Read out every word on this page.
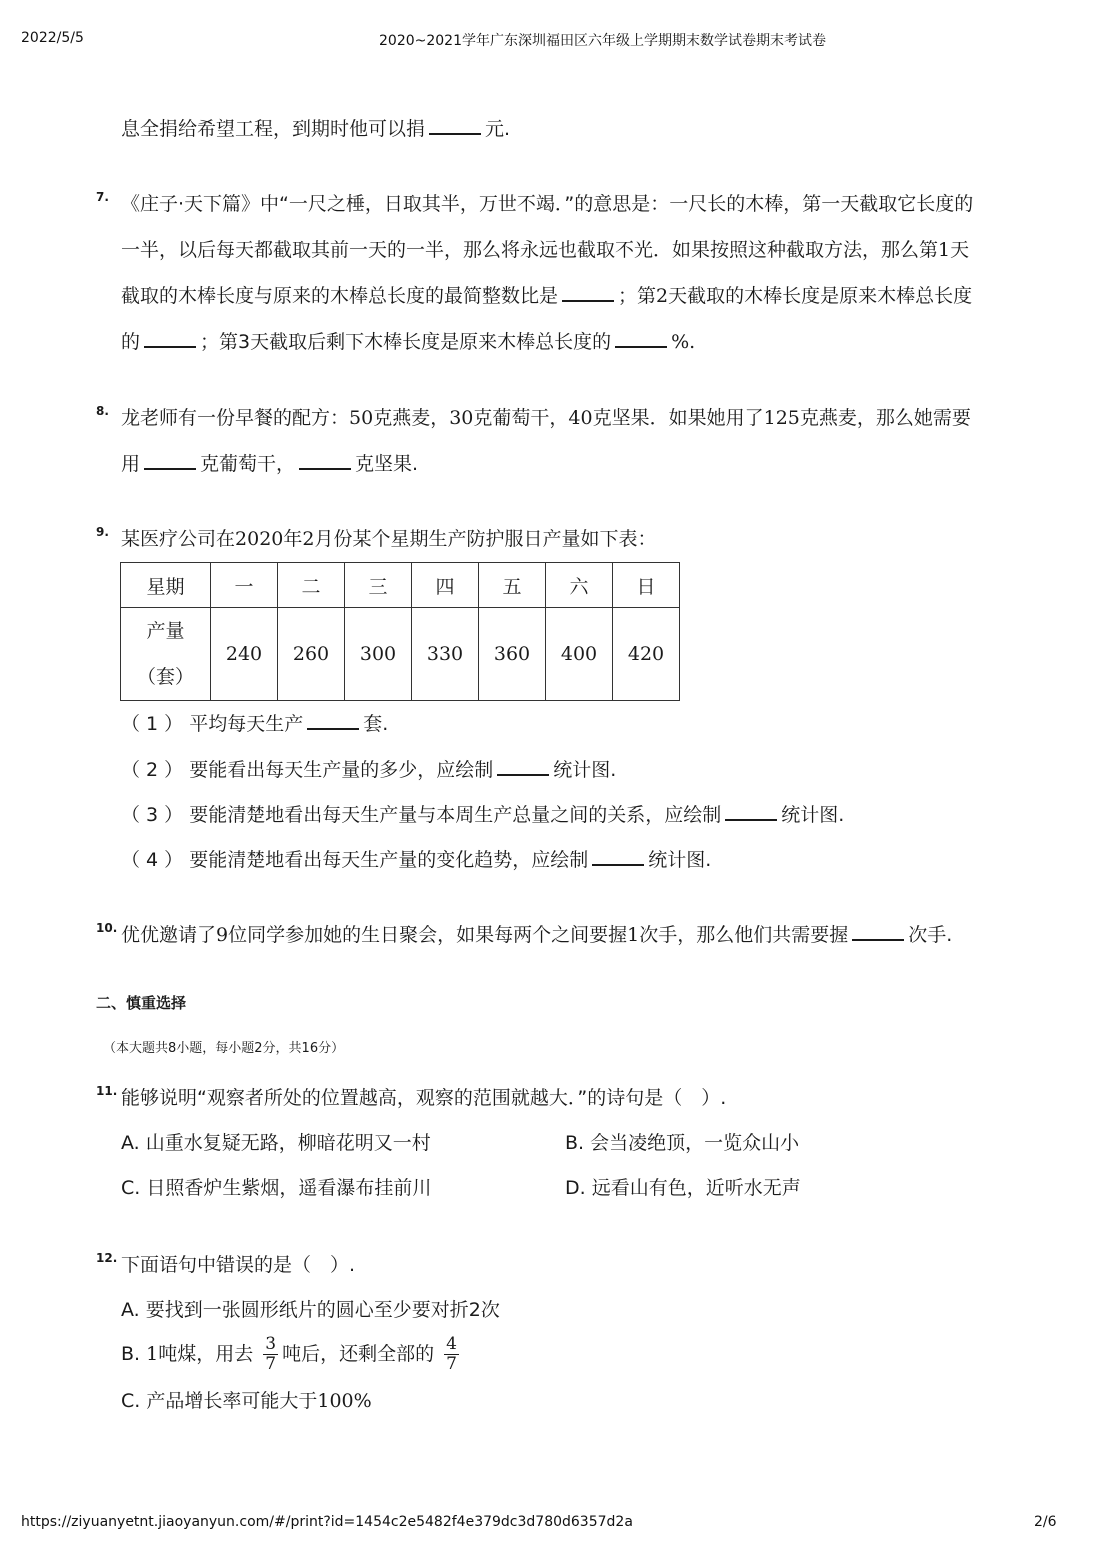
2022/5/5	2020~2021学年广东深圳福田区六年级上学期期末数学试卷期末考试卷
息全捐给希望工程，到期时他可以捐	元.
7. 《庄子·天下篇》中“一尺之棰，日取其半，万世不竭．”的意思是：一尺长的木棒，第一天截取它长度的
一半，以后每天都截取其前一天的一半，那么将永远也截取不光．如果按照这种截取方法，那么第1天
截取的木棒长度与原来的木棒总长度的最简整数比是	；第2天截取的木棒长度是原来木棒总长度
的	；第3天截取后剩下木棒长度是原来木棒总长度的	%.
8. 龙老师有一份早餐的配方：50克燕麦，30克葡萄干，40克坚果．如果她用了125克燕麦，那么她需要
用	克葡萄干，	克坚果.
9. 某医疗公司在2020年2月份某个星期生产防护服日产量如下表：
星期	一	二	三	四	五	六	日

产量
（套）	240	260	300	330	360	400	420
（ 1 ） 平均每天生产	套.
（ 2 ） 要能看出每天生产量的多少，应绘制	统计图.
（ 3 ） 要能清楚地看出每天生产量与本周生产总量之间的关系，应绘制	统计图.
（ 4 ） 要能清楚地看出每天生产量的变化趋势，应绘制	统计图.
10. 优优邀请了9位同学参加她的生日聚会，如果每两个之间要握1次手，那么他们共需要握	次手.
二、慎重选择
（本大题共8小题，每小题2分，共16分）
11. 能够说明“观察者所处的位置越高，观察的范围就越大．”的诗句是（　）.
A. 山重水复疑无路，柳暗花明又一村	B. 会当凌绝顶，一览众山小
C. 日照香炉生紫烟，遥看瀑布挂前川	D. 远看山有色，近听水无声
12. 下面语句中错误的是（　）.
A. 要找到一张圆形纸片的圆心至少要对折2次
B. 1吨煤，用去 $\frac{3}{7}$ 吨后，还剩全部的 $\frac{4}{7}$
C. 产品增长率可能大于100%
https://ziyuanyetnt.jiaoyanyun.com/#/print?id=1454c2e5482f4e379dc3d780d6357d2a	2/6
